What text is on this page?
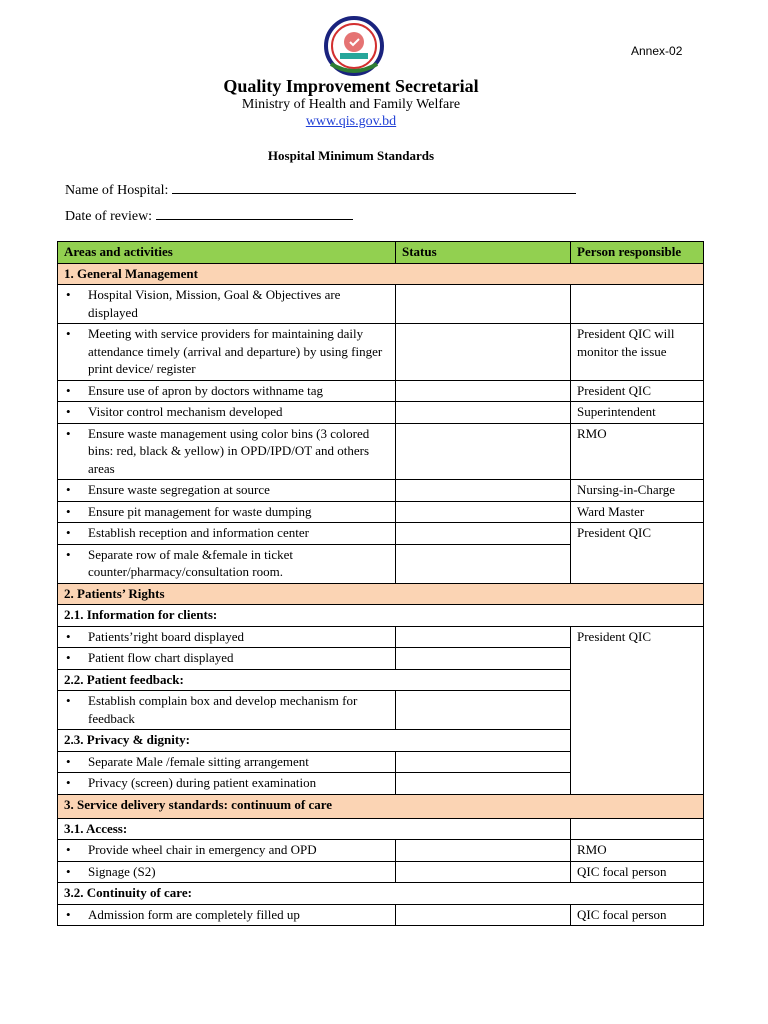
Annex-02
Quality Improvement Secretarial
Ministry of Health and Family Welfare
www.qis.gov.bd
Hospital Minimum Standards
Name of Hospital:
Date of review:
Areas and activities	Status	Person responsible
1. General Management		

• Hospital Vision, Mission, Goal & Objectives are displayed		

• Meeting with service providers for maintaining daily attendance timely (arrival and departure) by using finger print device/ register		President QIC will monitor the issue

• Ensure use of apron by doctors withname tag		President QIC

• Visitor control mechanism developed		Superintendent

• Ensure waste management using color bins (3 colored bins: red, black & yellow) in OPD/IPD/OT and others areas		RMO

• Ensure waste segregation at source		Nursing-in-Charge

• Ensure pit management for waste dumping		Ward Master

• Establish reception and information center		President QIC

• Separate row of male &female in ticket counter/pharmacy/consultation room.		
2. Patients’ Rights		
2.1. Information for clients:		

• Patients’right board displayed		President QIC

• Patient flow chart displayed		
2.2. Patient feedback:		

• Establish complain box and develop mechanism for feedback		
2.3. Privacy & dignity:		

• Separate Male /female sitting arrangement		

• Privacy (screen) during patient examination		
3. Service delivery standards: continuum of care		
3.1. Access:		

• Provide wheel chair in emergency and OPD		RMO

• Signage (S2)		QIC focal person
3.2. Continuity of care:		

• Admission form are completely filled up		QIC focal person
